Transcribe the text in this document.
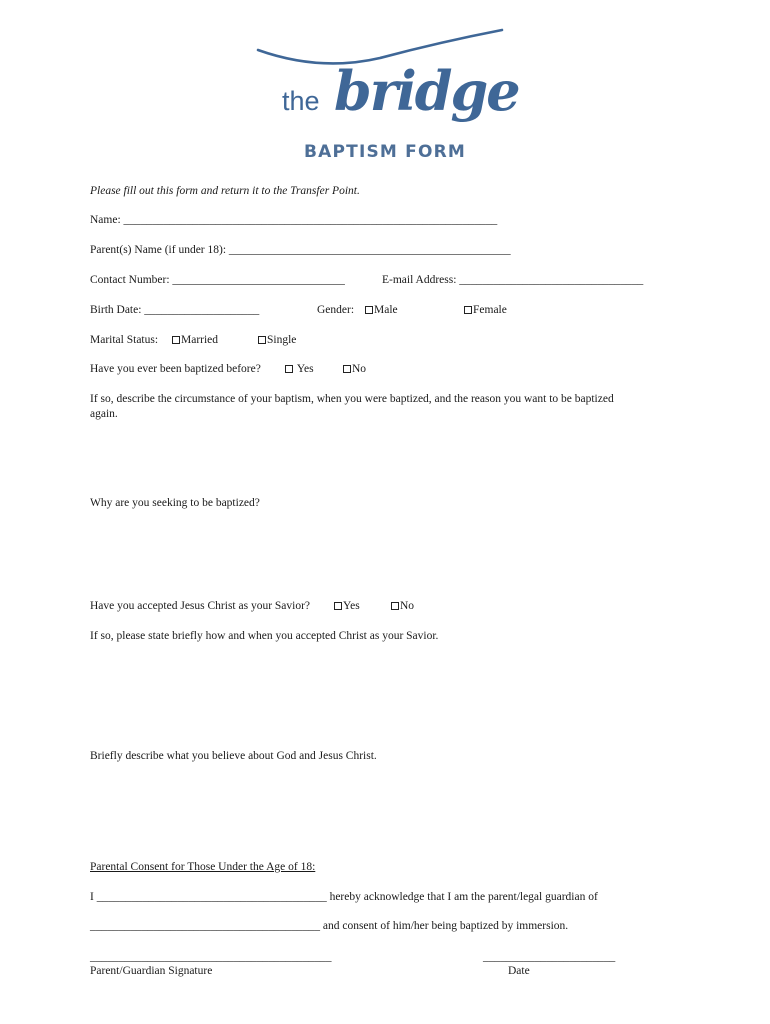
the bridge
BAPTISM FORM
Please fill out this form and return it to the Transfer Point.
Name: _________________________________________________________________
Parent(s) Name (if under 18): _________________________________________________
Contact Number: ______________________________	E-mail Address: ________________________________
Birth Date: ____________________	Gender:	Male	Female
Marital Status:	Married	Single
Have you ever been baptized before?	Yes	No
If so, describe the circumstance of your baptism, when you were baptized, and the reason you want to be baptized
again.
Why are you seeking to be baptized?
Have you accepted Jesus Christ as your Savior?	Yes	No
If so, please state briefly how and when you accepted Christ as your Savior.
Briefly describe what you believe about God and Jesus Christ.
Parental Consent for Those Under the Age of 18:
I ________________________________________ hereby acknowledge that I am the parent/legal guardian of
________________________________________ and consent of him/her being baptized by immersion.
__________________________________________	_______________________
Parent/Guardian Signature	Date
